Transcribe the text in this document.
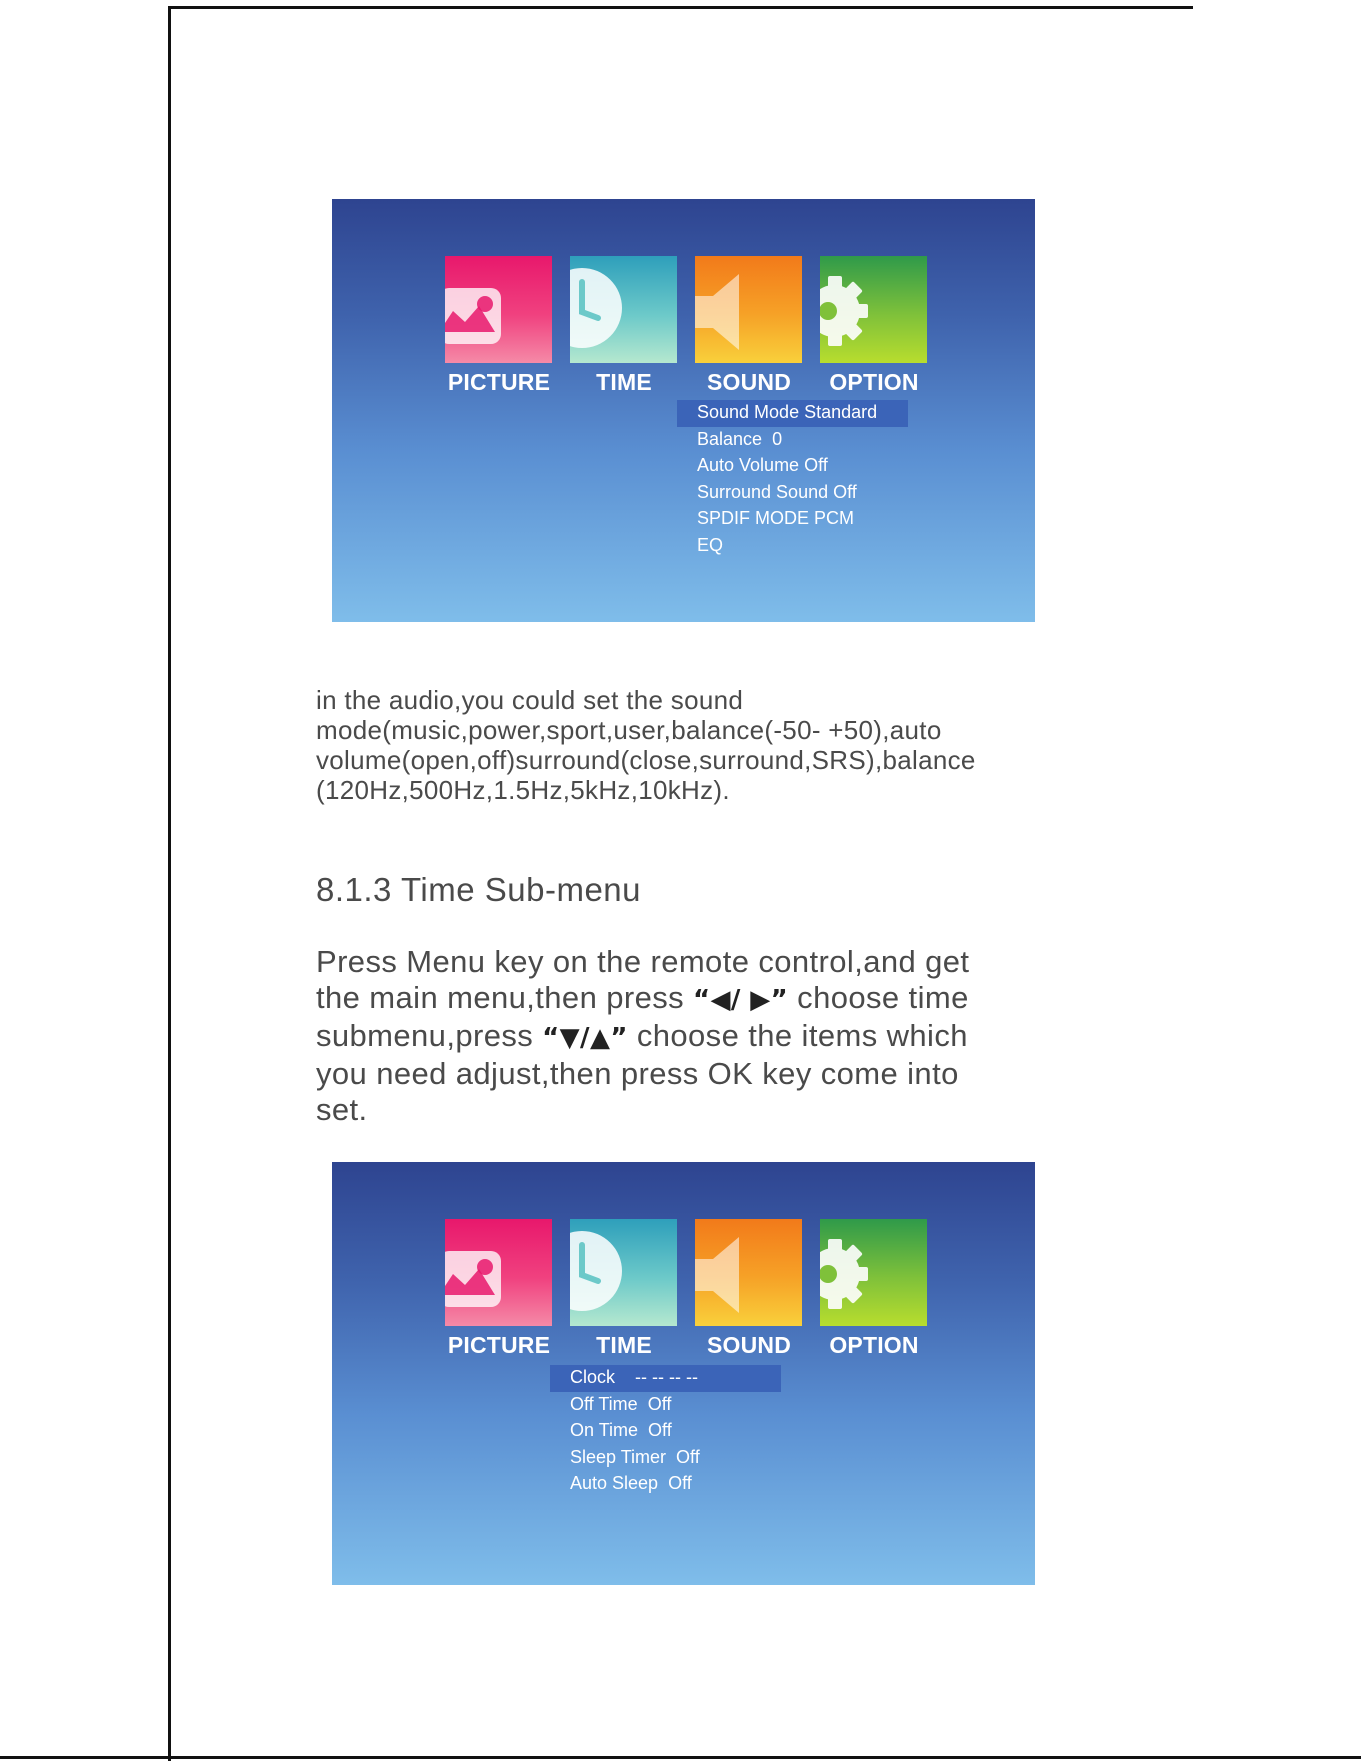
PICTURE	TIME	SOUND	OPTION
Sound Mode Standard
Balance 0
Auto Volume Off
Surround Sound Off
SPDIF MODE PCM
EQ

in the audio,you could set the sound
mode(music,power,sport,user,balance(-50- +50),auto
volume(open,off)surround(close,surround,SRS),balance
(120Hz,500Hz,1.5Hz,5kHz,10kHz).

8.1.3 Time Sub-menu

Press Menu key on the remote control,and get
the main menu,then press “◀/ ▶” choose time
submenu,press “▼/▲” choose the items which
you need adjust,then press OK key come into
set.

PICTURE	TIME	SOUND	OPTION
Clock -- -- -- --
Off Time Off
On Time Off
Sleep Timer Off
Auto Sleep Off
